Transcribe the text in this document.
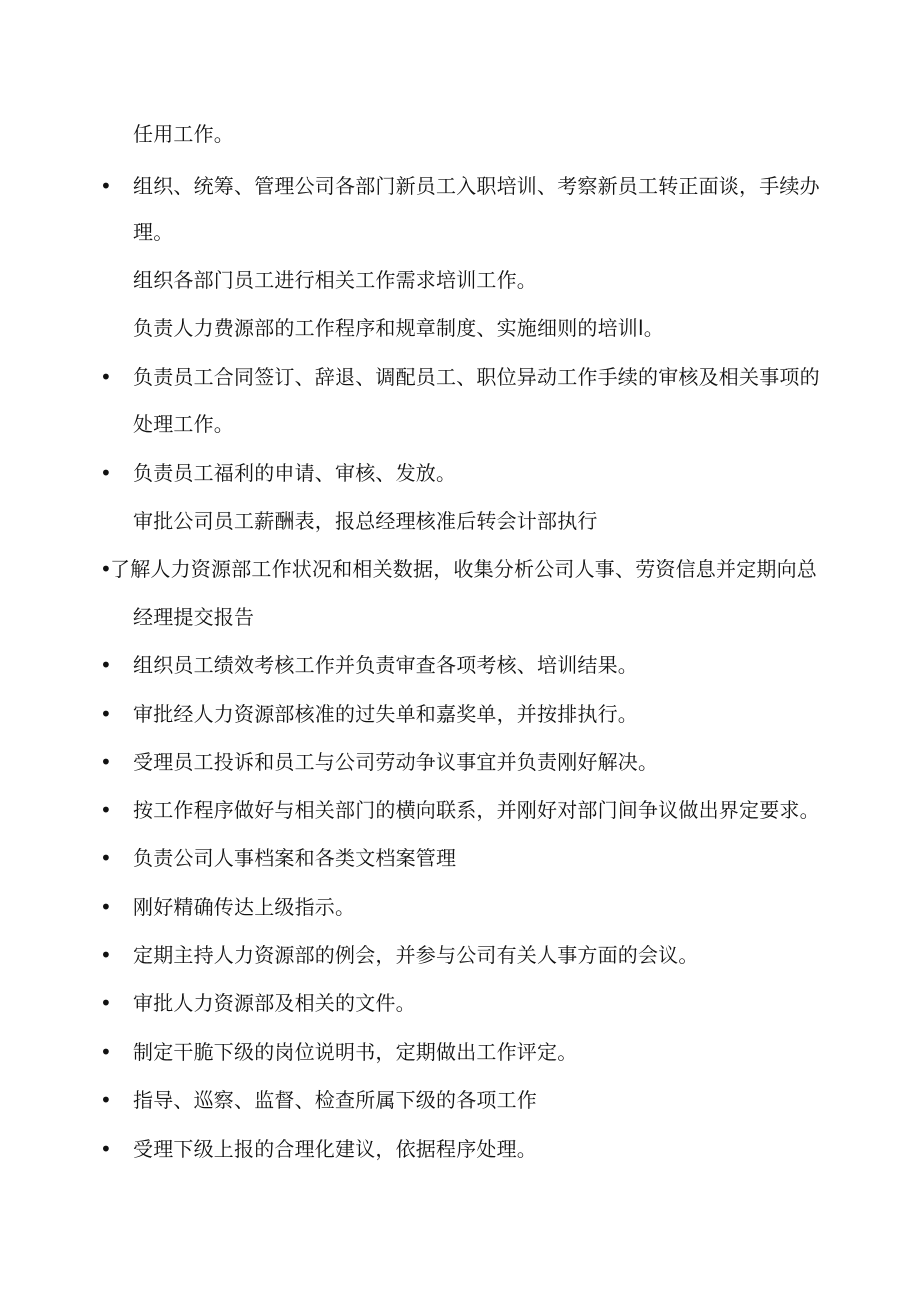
任用工作。
• 组织、统筹、管理公司各部门新员工入职培训、考察新员工转正面谈，手续办
理。
组织各部门员工进行相关工作需求培训工作。
负责人力费源部的工作程序和规章制度、实施细则的培训l。
• 负责员工合同签订、辞退、调配员工、职位异动工作手续的审核及相关事项的
处理工作。
• 负责员工福利的申请、审核、发放。
审批公司员工薪酬表，报总经理核准后转会计部执行
•
了解人力资源部工作状况和相关数据，收集分析公司人事、劳资信息并定期向总
经理提交报告
• 组织员工绩效考核工作并负责审查各项考核、培训结果。
• 审批经人力资源部核准的过失单和嘉奖单，并按排执行。
• 受理员工投诉和员工与公司劳动争议事宜并负责刚好解决。
• 按工作程序做好与相关部门的横向联系，并刚好对部门间争议做出界定要求。
• 负责公司人事档案和各类文档案管理
• 刚好精确传达上级指示。
• 定期主持人力资源部的例会，并参与公司有关人事方面的会议。
• 审批人力资源部及相关的文件。
• 制定干脆下级的岗位说明书，定期做出工作评定。
• 指导、巡察、监督、检查所属下级的各项工作
• 受理下级上报的合理化建议，依据程序处理。
